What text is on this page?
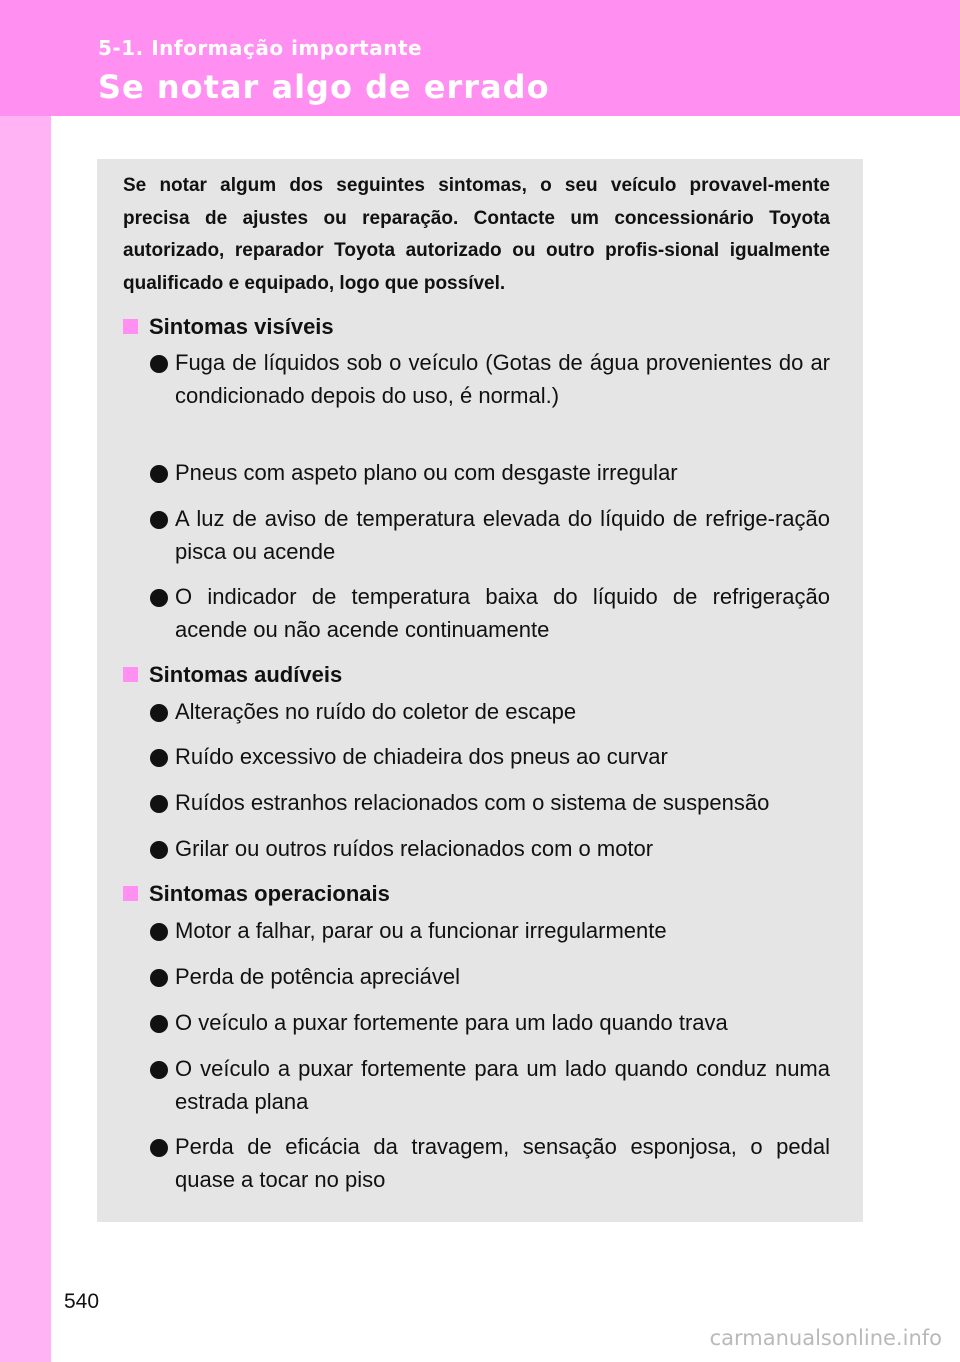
5-1. Informação importante
Se notar algo de errado
Se notar algum dos seguintes sintomas, o seu veículo provavel-mente precisa de ajustes ou reparação. Contacte um concessionário Toyota autorizado, reparador Toyota autorizado ou outro profis-sional igualmente qualificado e equipado, logo que possível.
Sintomas visíveis
Fuga de líquidos sob o veículo (Gotas de água provenientes do ar condicionado depois do uso, é normal.)
Pneus com aspeto plano ou com desgaste irregular
A luz de aviso de temperatura elevada do líquido de refrige-ração pisca ou acende
O indicador de temperatura baixa do líquido de refrigeração acende ou não acende continuamente
Sintomas audíveis
Alterações no ruído do coletor de escape
Ruído excessivo de chiadeira dos pneus ao curvar
Ruídos estranhos relacionados com o sistema de suspensão
Grilar ou outros ruídos relacionados com o motor
Sintomas operacionais
Motor a falhar, parar ou a funcionar irregularmente
Perda de potência apreciável
O veículo a puxar fortemente para um lado quando trava
O veículo a puxar fortemente para um lado quando conduz numa estrada plana
Perda de eficácia da travagem, sensação esponjosa, o pedal quase a tocar no piso
540
carmanualsonline.info
